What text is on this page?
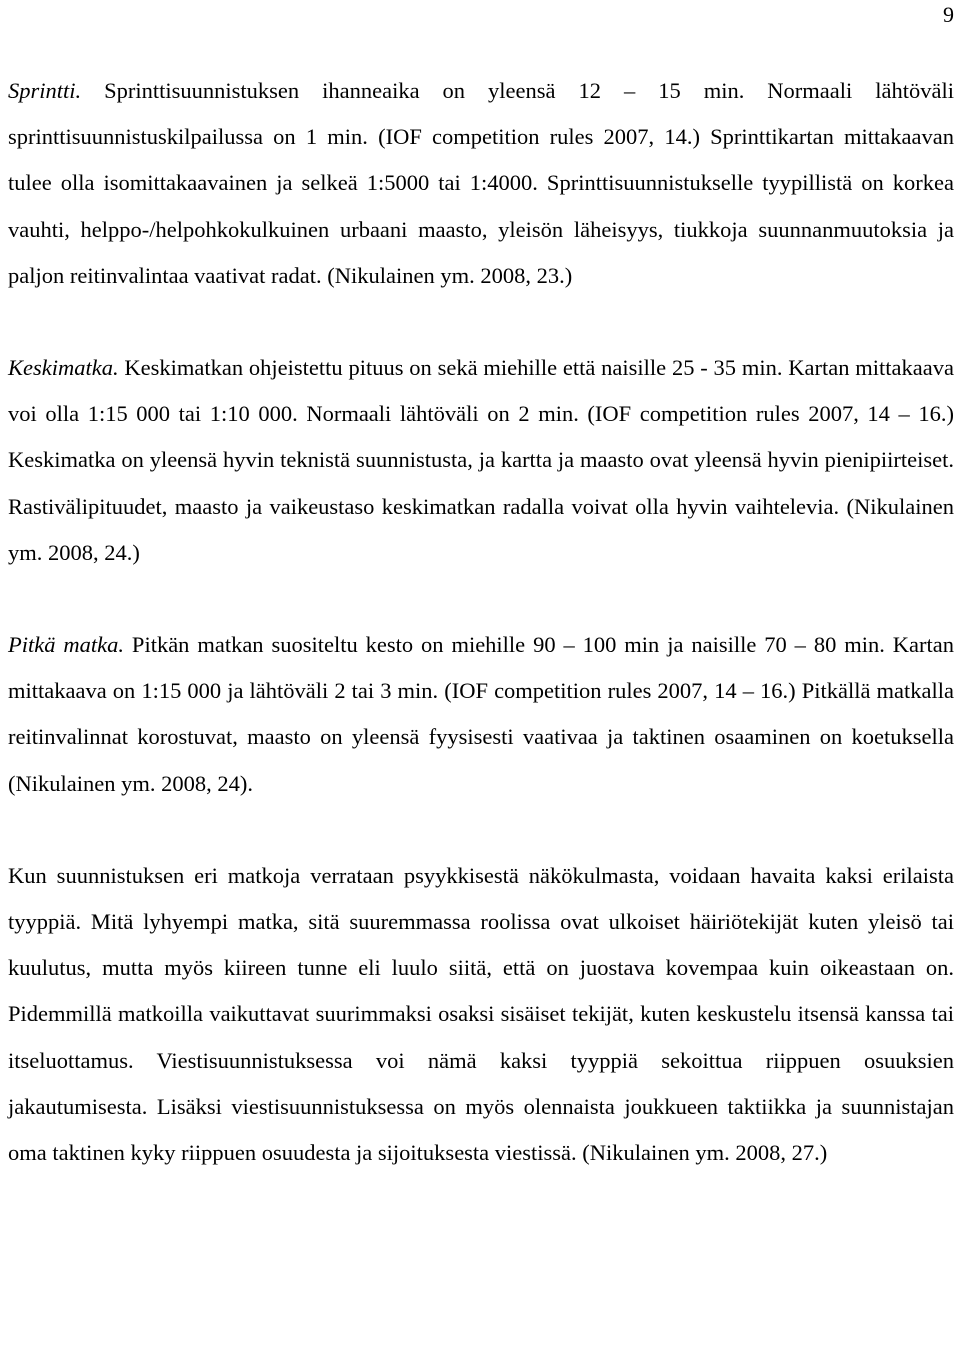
9

Sprintti. Sprinttisuunnistuksen ihanneaika on yleensä 12 – 15 min. Normaali lähtöväli sprinttisuunnistuskilpailussa on 1 min. (IOF competition rules 2007, 14.) Sprinttikartan mittakaavan tulee olla isomittakaavainen ja selkeä 1:5000 tai 1:4000. Sprinttisuunnistukselle tyypillistä on korkea vauhti, helppo-/helpohkokulkuinen urbaani maasto, yleisön läheisyys, tiukkoja suunnanmuutoksia ja paljon reitinvalintaa vaativat radat. (Nikulainen ym. 2008, 23.)

Keskimatka. Keskimatkan ohjeistettu pituus on sekä miehille että naisille 25 - 35 min. Kartan mittakaava voi olla 1:15 000 tai 1:10 000. Normaali lähtöväli on 2 min. (IOF competition rules 2007, 14 – 16.) Keskimatka on yleensä hyvin teknistä suunnistusta, ja kartta ja maasto ovat yleensä hyvin pienipiirteiset. Rastivälipituudet, maasto ja vaikeustaso keskimatkan radalla voivat olla hyvin vaihtelevia. (Nikulainen ym. 2008, 24.)

Pitkä matka. Pitkän matkan suositeltu kesto on miehille 90 – 100 min ja naisille 70 – 80 min. Kartan mittakaava on 1:15 000 ja lähtöväli 2 tai 3 min. (IOF competition rules 2007, 14 – 16.) Pitkällä matkalla reitinvalinnat korostuvat, maasto on yleensä fyysisesti vaativaa ja taktinen osaaminen on koetuksella (Nikulainen ym. 2008, 24).

Kun suunnistuksen eri matkoja verrataan psyykkisestä näkökulmasta, voidaan havaita kaksi erilaista tyyppiä. Mitä lyhyempi matka, sitä suuremmassa roolissa ovat ulkoiset häiriötekijät kuten yleisö tai kuulutus, mutta myös kiireen tunne eli luulo siitä, että on juostava kovempaa kuin oikeastaan on. Pidemmillä matkoilla vaikuttavat suurimmaksi osaksi sisäiset tekijät, kuten keskustelu itsensä kanssa tai itseluottamus. Viestisuunnistuksessa voi nämä kaksi tyyppiä sekoittua riippuen osuuksien jakautumisesta. Lisäksi viestisuunnistuksessa on myös olennaista joukkueen taktiikka ja suunnistajan oma taktinen kyky riippuen osuudesta ja sijoituksesta viestissä. (Nikulainen ym. 2008, 27.)
